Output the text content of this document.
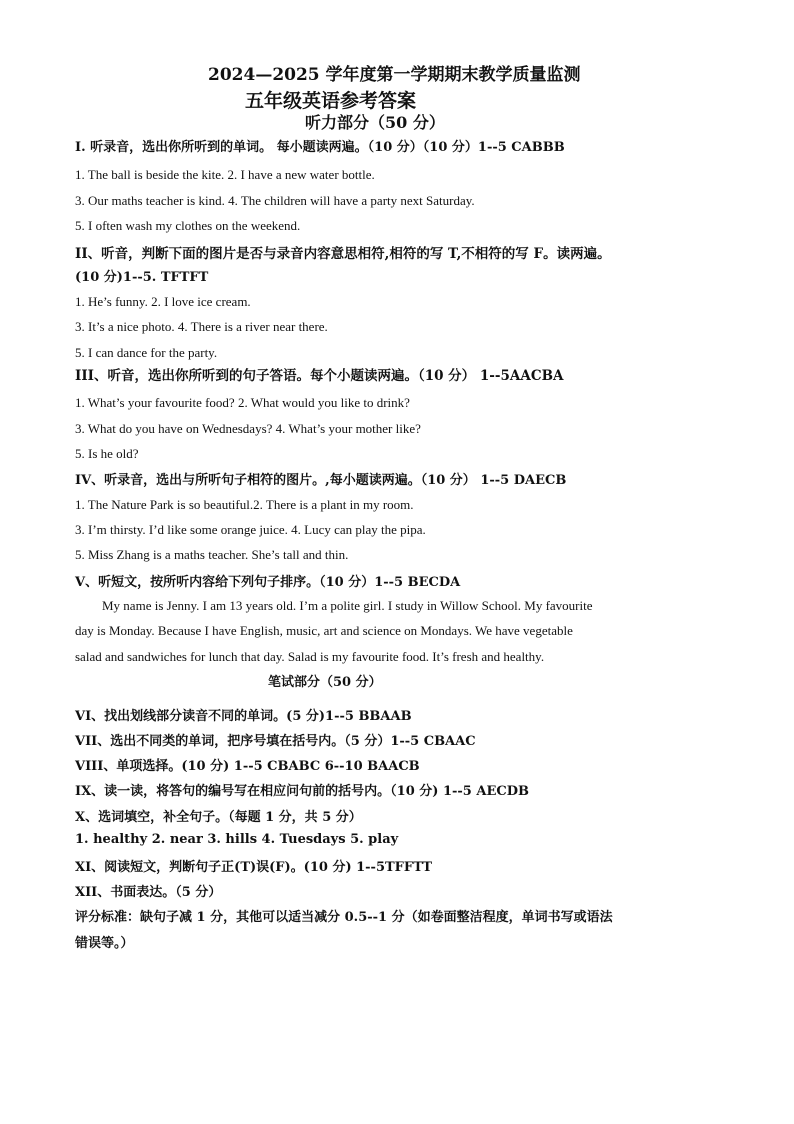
2024—2025 学年度第一学期期末教学质量监测
五年级英语参考答案
听力部分（50 分）
I. 听录音，选出你所听到的单词。 每小题读两遍。（10 分）（10 分）1--5 CABBB
1. The ball is beside the kite. 2. I have a new water bottle.
3. Our maths teacher is kind. 4. The children will have a party next Saturday.
5. I often wash my clothes on the weekend.
II、听音，判断下面的图片是否与录音内容意思相符,相符的写 T,不相符的写 F。读两遍。
(10 分)1--5. TFTFT
1. He’s funny. 2. I love ice cream.
3. It’s a nice photo. 4. There is a river near there.
5. I can dance for the party.
III、听音，选出你所听到的句子答语。每个小题读两遍。（10 分） 1--5AACBA
1. What’s your favourite food? 2. What would you like to drink?
3. What do you have on Wednesdays? 4. What’s your mother like?
5. Is he old?
IV、听录音，选出与所听句子相符的图片。,每小题读两遍。（10 分） 1--5 DAECB
1. The Nature Park is so beautiful.2. There is a plant in my room.
3. I’m thirsty. I’d like some orange juice. 4. Lucy can play the pipa.
5. Miss Zhang is a maths teacher. She’s tall and thin.
V、听短文，按所听内容给下列句子排序。（10 分）1--5 BECDA
My name is Jenny. I am 13 years old. I’m a polite girl. I study in Willow School. My favourite
day is Monday. Because I have English, music, art and science on Mondays. We have vegetable
salad and sandwiches for lunch that day. Salad is my favourite food. It’s fresh and healthy.
笔试部分（50 分）
VI、找出划线部分读音不同的单词。(5 分)1--5 BBAAB
VII、选出不同类的单词，把序号填在括号内。（5 分）1--5 CBAAC
VIII、单项选择。(10 分) 1--5 CBABC 6--10 BAACB
IX、读一读，将答句的编号写在相应问句前的括号内。（10 分) 1--5 AECDB
X、选词填空，补全句子。（每题 1 分，共 5 分）
1. healthy 2. near 3. hills 4. Tuesdays 5. play
XI、阅读短文，判断句子正(T)误(F)。(10 分) 1--5TFFTT
XII、书面表达。（5 分）
评分标准：缺句子减 1 分，其他可以适当减分 0.5--1 分（如卷面整洁程度，单词书写或语法
错误等。）
